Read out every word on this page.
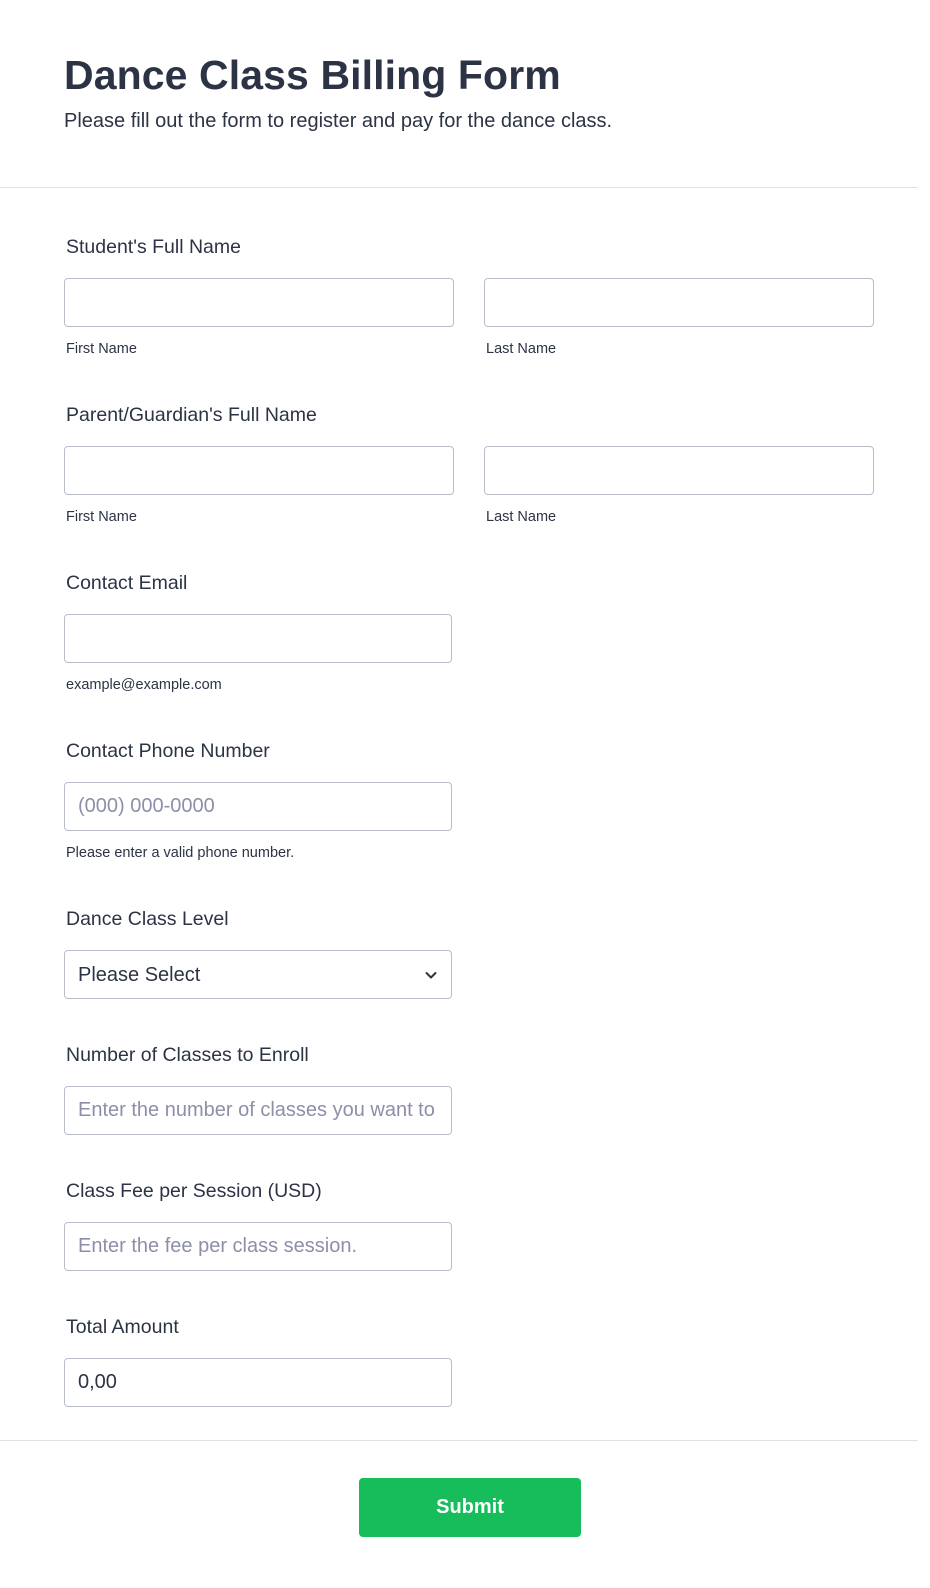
Dance Class Billing Form

Please fill out the form to register and pay for the dance class.

Student's Full Name
First Name	Last Name
Parent/Guardian's Full Name
First Name	Last Name
Contact Email
example@example.com
Contact Phone Number
(000) 000-0000
Please enter a valid phone number.
Dance Class Level
Please Select
Number of Classes to Enroll
Enter the number of classes you want to enroll in.
Class Fee per Session (USD)
Enter the fee per class session.
Total Amount
0,00
Submit
